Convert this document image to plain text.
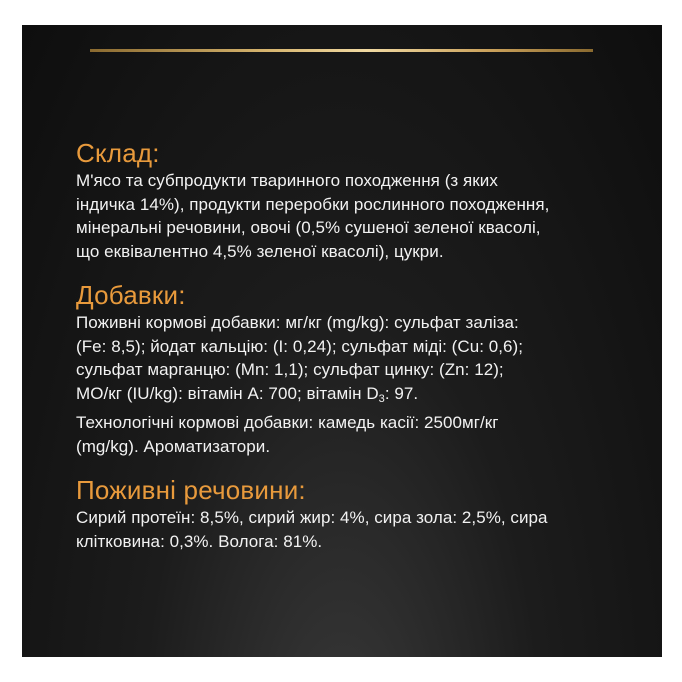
Склад:
М'ясо та субпродукти тваринного походження (з яких
індичка 14%), продукти переробки рослинного походження,
мінеральні речовини, овочі (0,5% сушеної зеленої квасолі,
що еквівалентно 4,5% зеленої квасолі), цукри.
Добавки:
Поживні кормові добавки: мг/кг (mg/kg): сульфат заліза:
(Fe: 8,5); йодат кальцію: (I: 0,24); сульфат міді: (Cu: 0,6);
сульфат марганцю: (Mn: 1,1); сульфат цинку: (Zn: 12);
МО/кг (IU/kg): вітамін А: 700; вітамін $D_3$: 97.
Технологічні кормові добавки: камедь касії: 2500мг/кг
(mg/kg). Ароматизатори.
Поживні речовини:
Сирий протеїн: 8,5%, сирий жир: 4%, сира зола: 2,5%, сира
клітковина: 0,3%. Волога: 81%.
